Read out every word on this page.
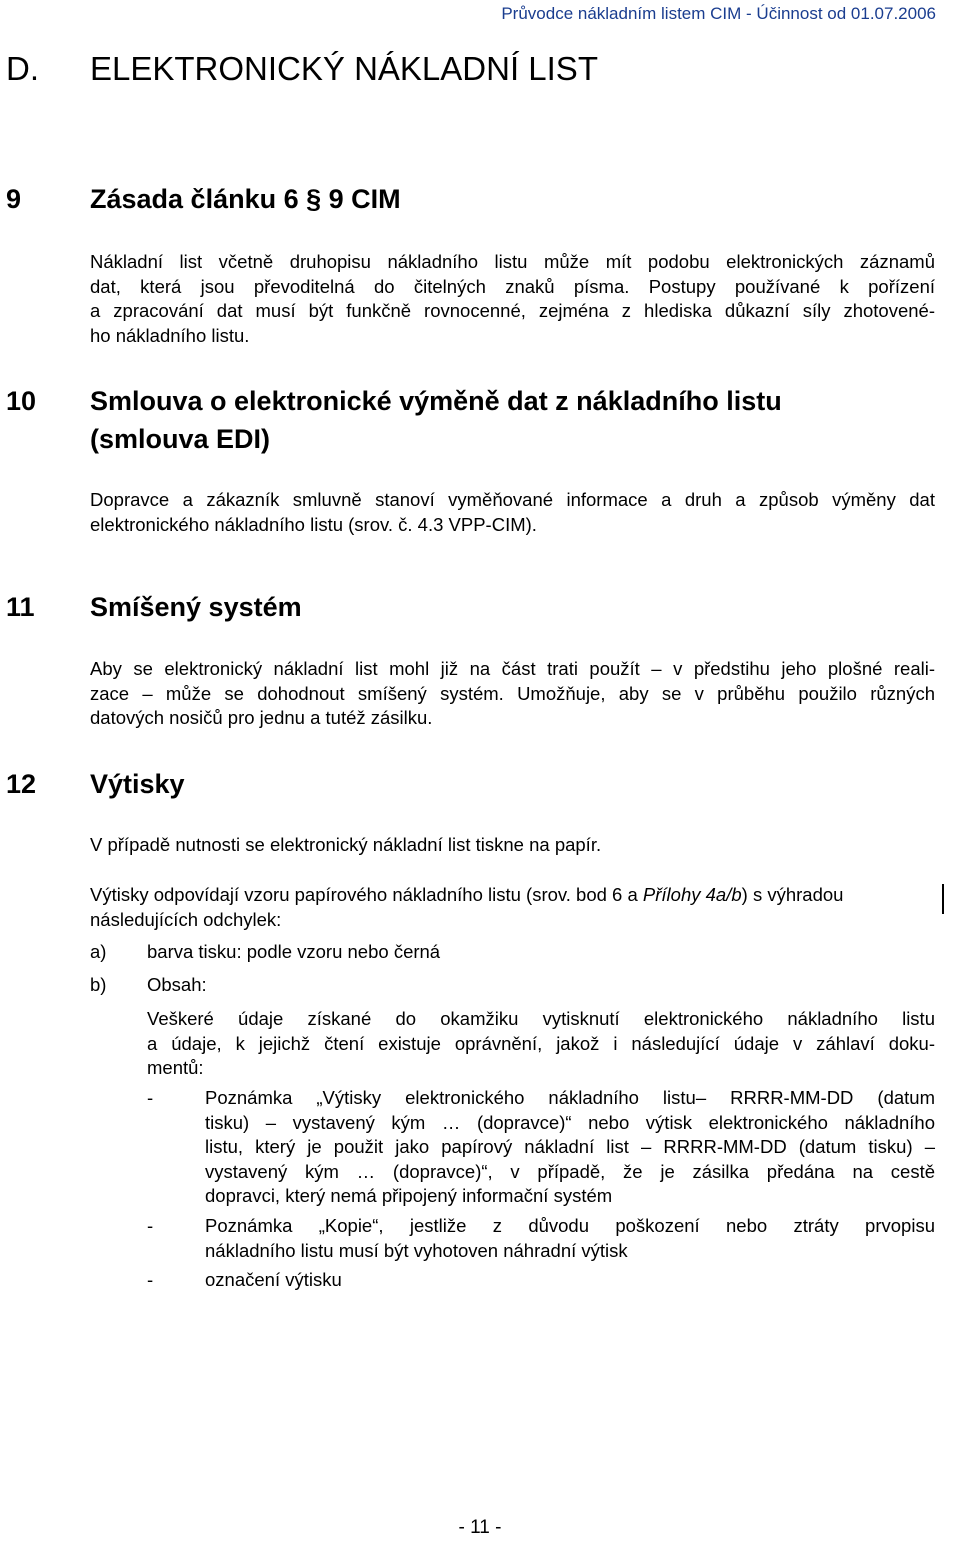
Průvodce nákladním listem CIM - Účinnost od 01.07.2006
D. ELEKTRONICKÝ NÁKLADNÍ LIST
9	Zásada článku 6 § 9 CIM
Nákladní list včetně druhopisu nákladního listu může mít podobu elektronických záznamů
dat, která jsou převoditelná do čitelných znaků písma. Postupy používané k pořízení
a zpracování dat musí být funkčně rovnocenné, zejména z hlediska důkazní síly zhotovené-
ho nákladního listu.
10 Smlouva o elektronické výměně dat z nákladního listu
(smlouva EDI)
Dopravce a zákazník smluvně stanoví vyměňované informace a druh a způsob výměny dat
elektronického nákladního listu (srov. č. 4.3 VPP-CIM).
11 Smíšený systém
Aby se elektronický nákladní list mohl již na část trati použít – v předstihu jeho plošné reali-
zace – může se dohodnout smíšený systém. Umožňuje, aby se v průběhu použilo různých
datových nosičů pro jednu a tutéž zásilku.
12 Výtisky
V případě nutnosti se elektronický nákladní list tiskne na papír.
Výtisky odpovídají vzoru papírového nákladního listu (srov. bod 6 a Přílohy 4a/b) s výhradou
následujících odchylek:
a) barva tisku: podle vzoru nebo černá
b) Obsah:
Veškeré údaje získané do okamžiku vytisknutí elektronického nákladního listu
a údaje, k jejichž čtení existuje oprávnění, jakož i následující údaje v záhlaví doku-
mentů:
-	Poznámka „Výtisky elektronického nákladního listu– RRRR-MM-DD (datum
tisku) – vystavený kým … (dopravce)“ nebo výtisk elektronického nákladního
listu, který je použit jako papírový nákladní list – RRRR-MM-DD (datum tisku) –
vystavený kým … (dopravce)“, v případě, že je zásilka předána na cestě
dopravci, který nemá připojený informační systém
-	Poznámka „Kopie“, jestliže z důvodu poškození nebo ztráty prvopisu
nákladního listu musí být vyhotoven náhradní výtisk
-	označení výtisku
- 11 -
